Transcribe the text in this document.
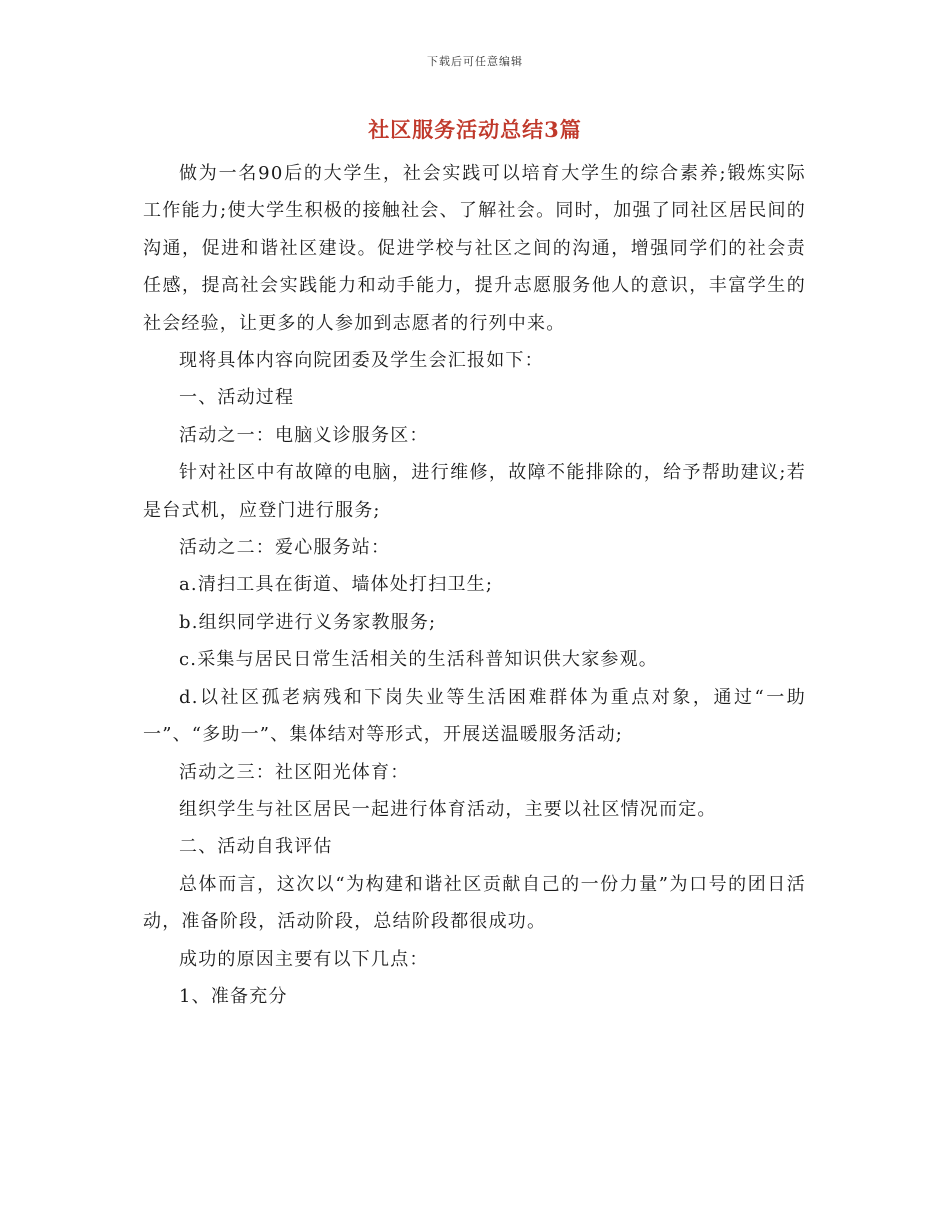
下载后可任意编辑
社区服务活动总结3篇

做为一名90后的大学生，社会实践可以培育大学生的综合素养;锻炼实际工作能力;使大学生积极的接触社会、了解社会。同时，加强了同社区居民间的沟通，促进和谐社区建设。促进学校与社区之间的沟通，增强同学们的社会责任感，提高社会实践能力和动手能力，提升志愿服务他人的意识，丰富学生的社会经验，让更多的人参加到志愿者的行列中来。

现将具体内容向院团委及学生会汇报如下：

一、活动过程

活动之一：电脑义诊服务区：

针对社区中有故障的电脑，进行维修，故障不能排除的，给予帮助建议;若是台式机，应登门进行服务;

活动之二：爱心服务站：

a.清扫工具在街道、墙体处打扫卫生;

b.组织同学进行义务家教服务;

c.采集与居民日常生活相关的生活科普知识供大家参观。

d.以社区孤老病残和下岗失业等生活困难群体为重点对象，通过“一助一”、“多助一”、集体结对等形式，开展送温暖服务活动;

活动之三：社区阳光体育：

组织学生与社区居民一起进行体育活动，主要以社区情况而定。

二、活动自我评估

总体而言，这次以“为构建和谐社区贡献自己的一份力量”为口号的团日活动，准备阶段，活动阶段，总结阶段都很成功。

成功的原因主要有以下几点：

1、准备充分
